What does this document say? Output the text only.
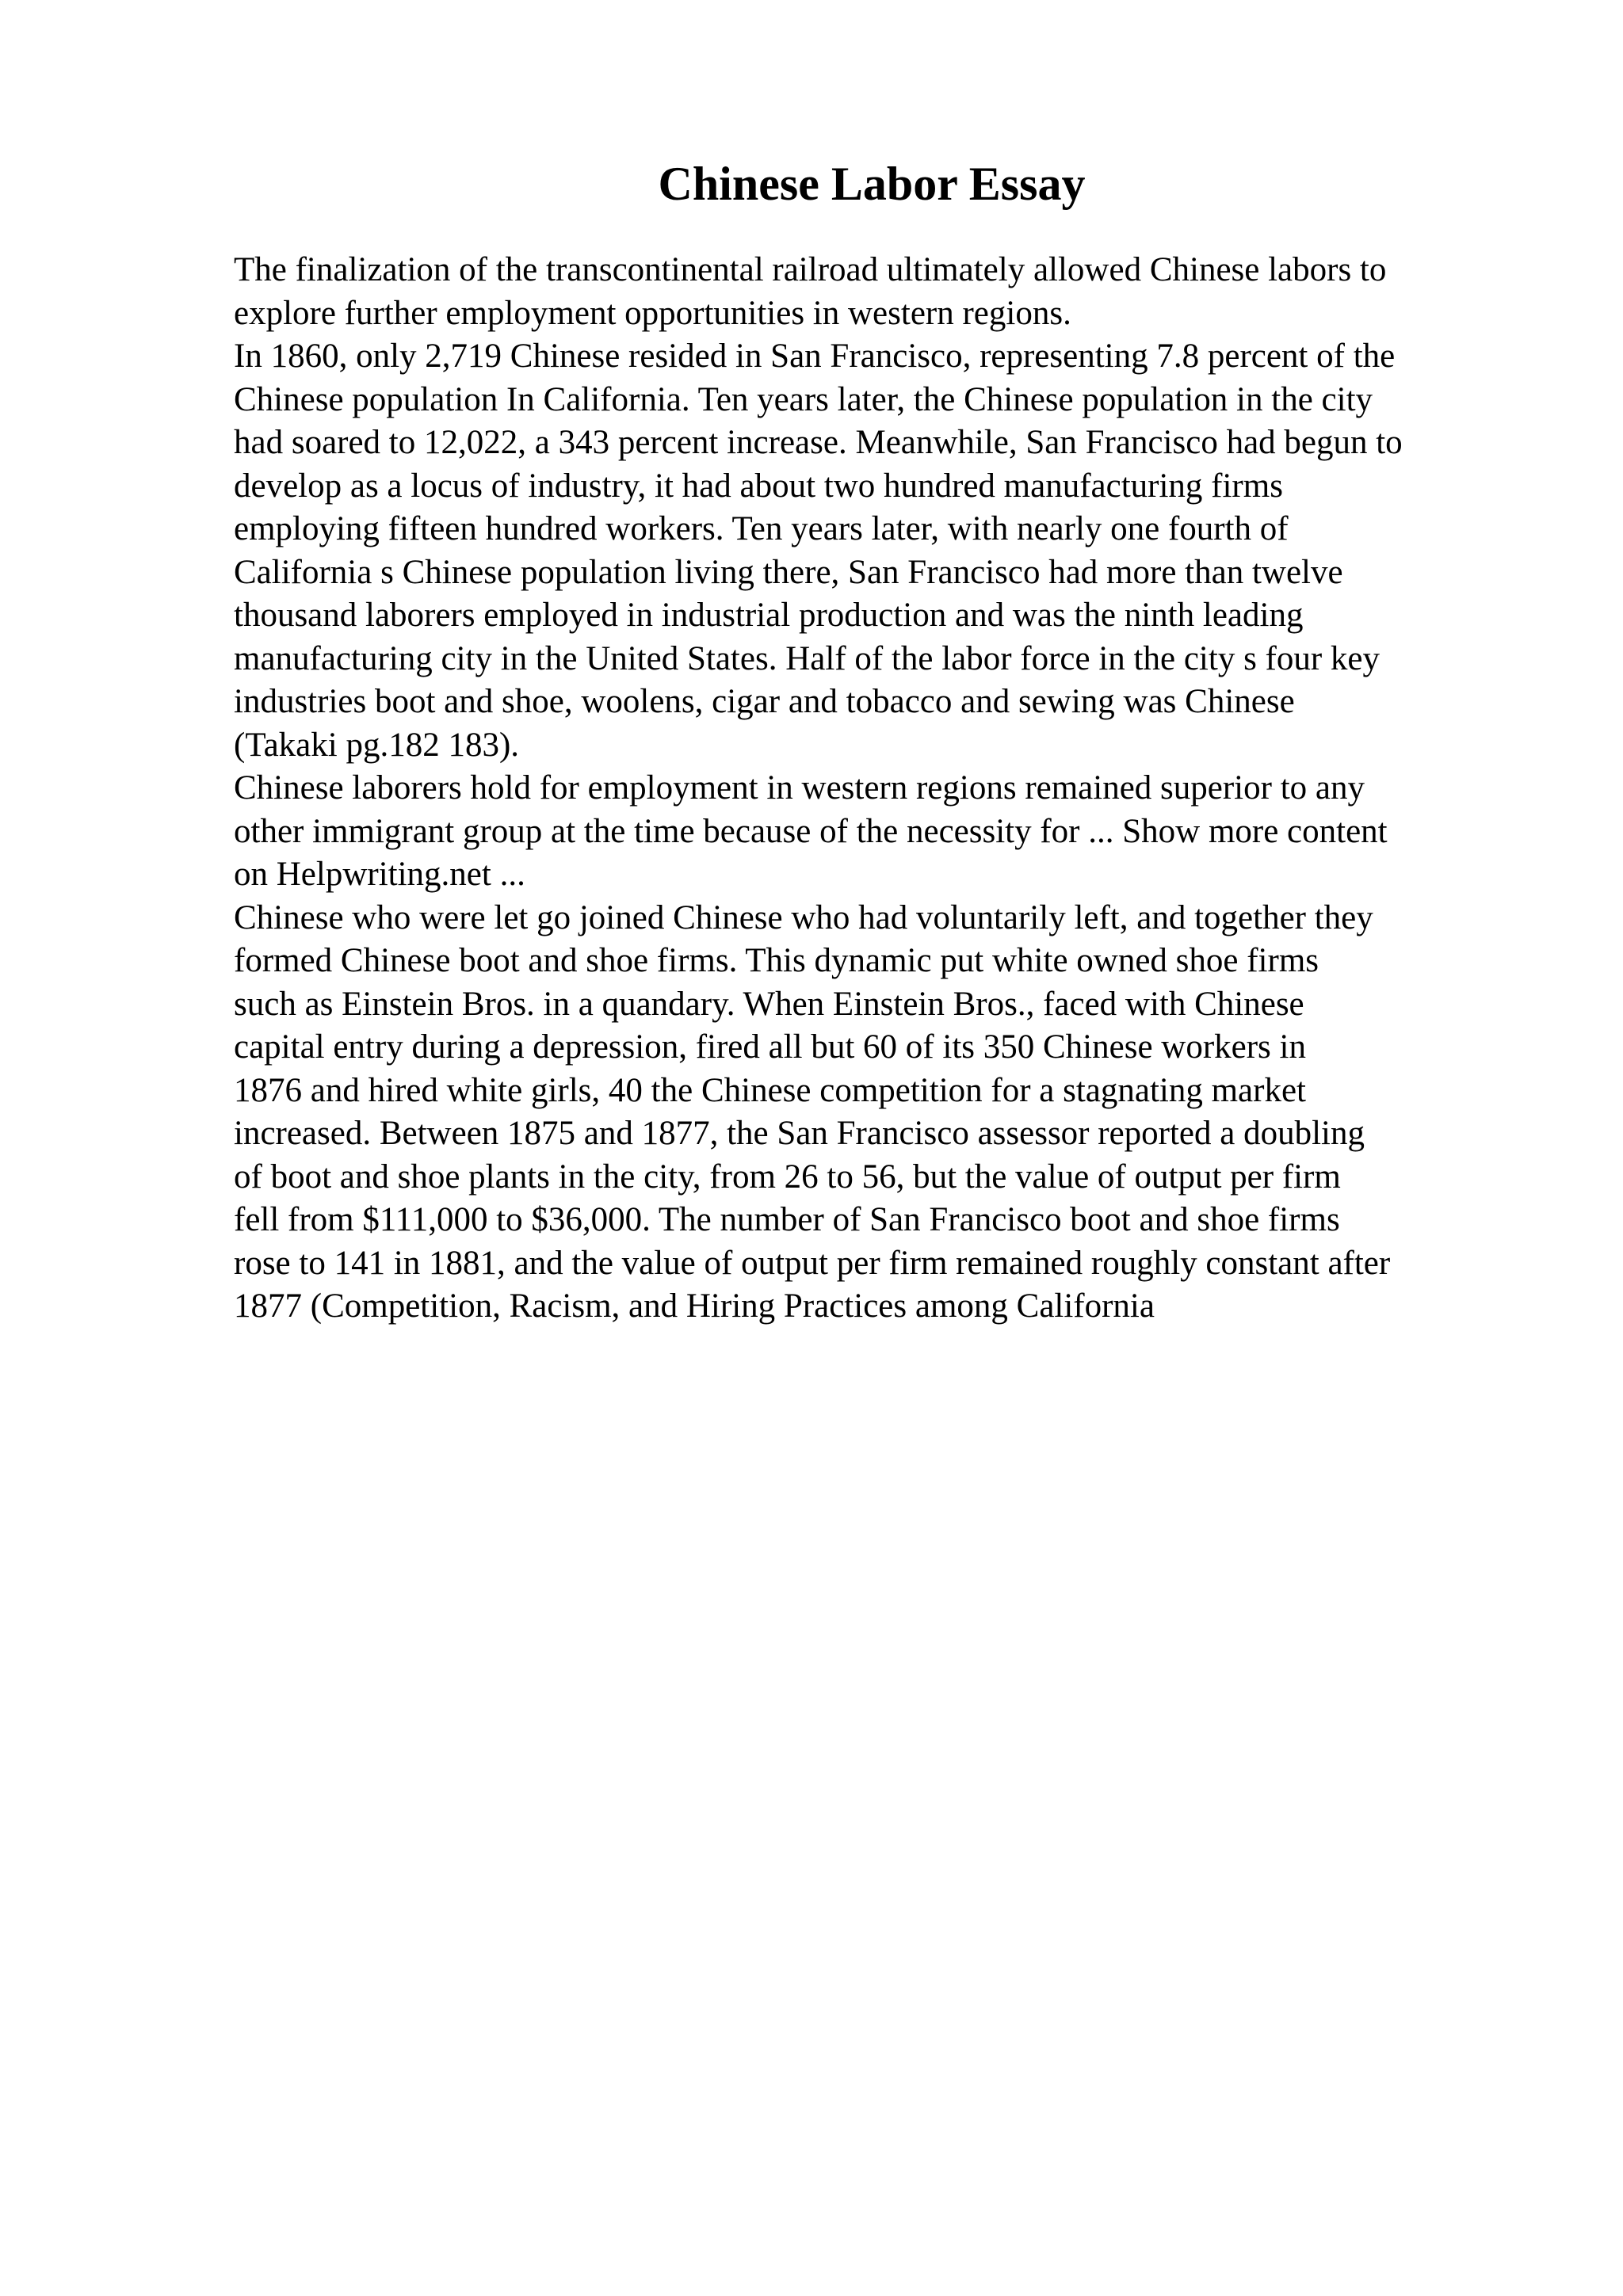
Chinese Labor Essay
The finalization of the transcontinental railroad ultimately allowed Chinese labors to
explore further employment opportunities in western regions.
In 1860, only 2,719 Chinese resided in San Francisco, representing 7.8 percent of the
Chinese population In California. Ten years later, the Chinese population in the city
had soared to 12,022, a 343 percent increase. Meanwhile, San Francisco had begun to
develop as a locus of industry, it had about two hundred manufacturing firms
employing fifteen hundred workers. Ten years later, with nearly one fourth of
California s Chinese population living there, San Francisco had more than twelve
thousand laborers employed in industrial production and was the ninth leading
manufacturing city in the United States. Half of the labor force in the city s four key
industries boot and shoe, woolens, cigar and tobacco and sewing was Chinese
(Takaki pg.182 183).
Chinese laborers hold for employment in western regions remained superior to any
other immigrant group at the time because of the necessity for ... Show more content
on Helpwriting.net ...
Chinese who were let go joined Chinese who had voluntarily left, and together they
formed Chinese boot and shoe firms. This dynamic put white owned shoe firms
such as Einstein Bros. in a quandary. When Einstein Bros., faced with Chinese
capital entry during a depression, fired all but 60 of its 350 Chinese workers in
1876 and hired white girls, 40 the Chinese competition for a stagnating market
increased. Between 1875 and 1877, the San Francisco assessor reported a doubling
of boot and shoe plants in the city, from 26 to 56, but the value of output per firm
fell from $111,000 to $36,000. The number of San Francisco boot and shoe firms
rose to 141 in 1881, and the value of output per firm remained roughly constant after
1877 (Competition, Racism, and Hiring Practices among California
